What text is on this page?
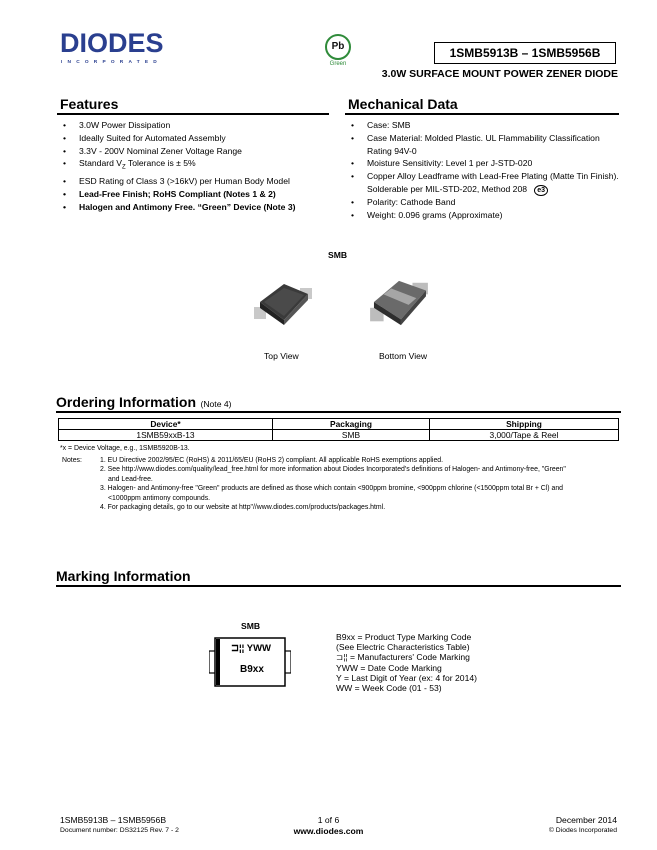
DIODES
INCORPORATED
Pb
Green
1SMB5913B – 1SMB5956B
3.0W SURFACE MOUNT POWER ZENER DIODE
Features
• 3.0W Power Dissipation
• Ideally Suited for Automated Assembly
• 3.3V - 200V Nominal Zener Voltage Range
• Standard $V_Z$ Tolerance is ± 5%
• ESD Rating of Class 3 (>16kV) per Human Body Model
• Lead-Free Finish; RoHS Compliant (Notes 1 & 2)
• Halogen and Antimony Free. “Green” Device (Note 3)
Mechanical Data
• Case: SMB
• Case Material: Molded Plastic. UL Flammability Classification Rating 94V-0
• Moisture Sensitivity: Level 1 per J-STD-020
• Copper Alloy Leadframe with Lead-Free Plating (Matte Tin Finish). Solderable per MIL-STD-202, Method 208 e3
• Polarity: Cathode Band
• Weight: 0.096 grams (Approximate)
SMB
Top View	Bottom View
Ordering Information (Note 4)
Device*	Packaging	Shipping
1SMB59xxB-13	SMB	3,000/Tape & Reel
*x = Device Voltage, e.g., 1SMB5920B-13.
Notes:	1. EU Directive 2002/95/EC (RoHS) & 2011/65/EU (RoHS 2) compliant. All applicable RoHS exemptions applied.
2. See http://www.diodes.com/quality/lead_free.html for more information about Diodes Incorporated's definitions of Halogen- and Antimony-free, "Green"
and Lead-free.
3. Halogen- and Antimony-free "Green" products are defined as those which contain <900ppm bromine, <900ppm chlorine (<1500ppm total Br + Cl) and
<1000ppm antimony compounds.
4. For packaging details, go to our website at http"//www.diodes.com/products/packages.html.
Marking Information
SMB
⊐¦¦ YWW
B9xx
B9xx = Product Type Marking Code
(See Electric Characteristics Table)
⊐¦¦ = Manufacturers' Code Marking
YWW = Date Code Marking
Y = Last Digit of Year (ex: 4 for 2014)
WW = Week Code (01 - 53)
1SMB5913B – 1SMB5956B
Document number: DS32125 Rev. 7 - 2
1 of 6
www.diodes.com
December 2014
© Diodes Incorporated
